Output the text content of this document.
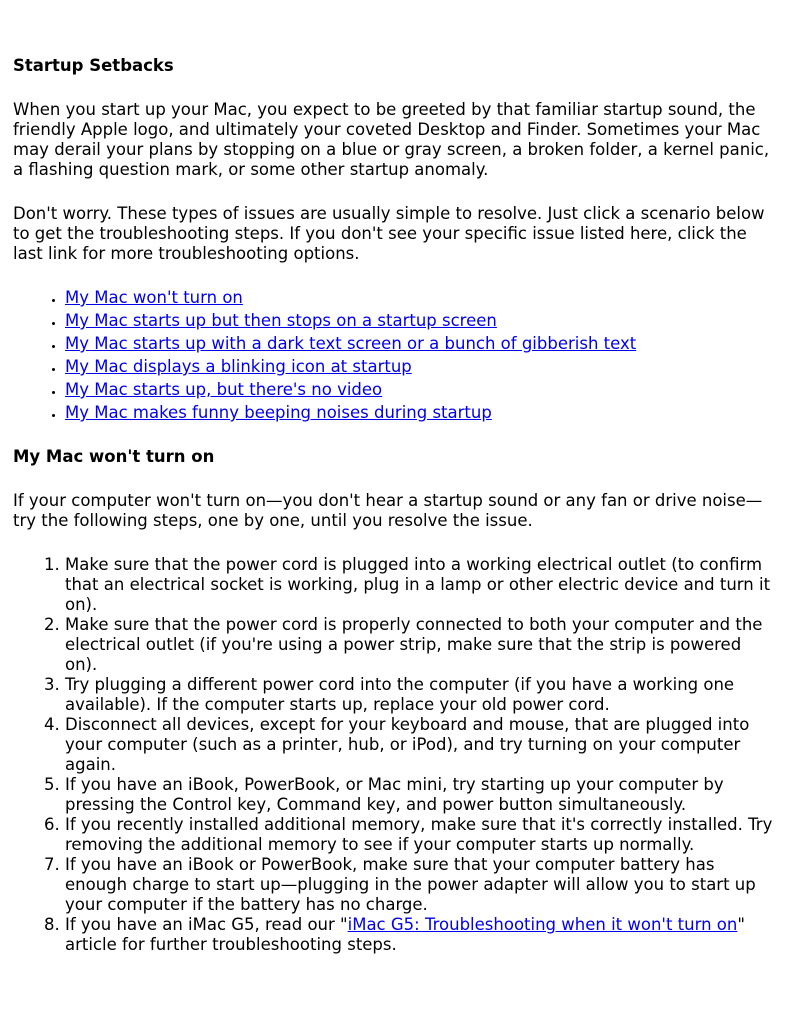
Startup Setbacks

When you start up your Mac, you expect to be greeted by that familiar startup sound, the friendly Apple logo, and ultimately your coveted Desktop and Finder. Sometimes your Mac may derail your plans by stopping on a blue or gray screen, a broken folder, a kernel panic, a flashing question mark, or some other startup anomaly.

Don't worry. These types of issues are usually simple to resolve. Just click a scenario below to get the troubleshooting steps. If you don't see your specific issue listed here, click the last link for more troubleshooting options.

• My Mac won't turn on
• My Mac starts up but then stops on a startup screen
• My Mac starts up with a dark text screen or a bunch of gibberish text
• My Mac displays a blinking icon at startup
• My Mac starts up, but there's no video
• My Mac makes funny beeping noises during startup
My Mac won't turn on

If your computer won't turn on—you don't hear a startup sound or any fan or drive noise—try the following steps, one by one, until you resolve the issue.

1. Make sure that the power cord is plugged into a working electrical outlet (to confirm that an electrical socket is working, plug in a lamp or other electric device and turn it on).
2. Make sure that the power cord is properly connected to both your computer and the electrical outlet (if you're using a power strip, make sure that the strip is powered on).
3. Try plugging a different power cord into the computer (if you have a working one available). If the computer starts up, replace your old power cord.
4. Disconnect all devices, except for your keyboard and mouse, that are plugged into your computer (such as a printer, hub, or iPod), and try turning on your computer again.
5. If you have an iBook, PowerBook, or Mac mini, try starting up your computer by pressing the Control key, Command key, and power button simultaneously.
6. If you recently installed additional memory, make sure that it's correctly installed. Try removing the additional memory to see if your computer starts up normally.
7. If you have an iBook or PowerBook, make sure that your computer battery has enough charge to start up—plugging in the power adapter will allow you to start up your computer if the battery has no charge.
8. If you have an iMac G5, read our "iMac G5: Troubleshooting when it won't turn on" article for further troubleshooting steps.
